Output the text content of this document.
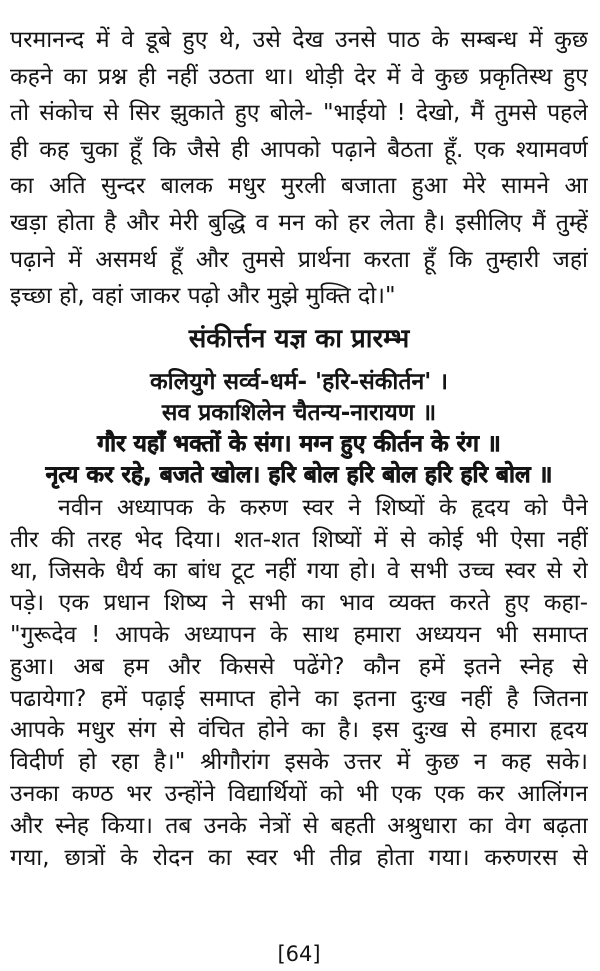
परमानन्द में वे डूबे हुए थे, उसे देख उनसे पाठ के सम्बन्ध में कुछ
कहने का प्रश्न ही नहीं उठता था। थोड़ी देर में वे कुछ प्रकृतिस्थ हुए
तो संकोच से सिर झुकाते हुए बोले- "भाईयो ! देखो, मैं तुमसे पहले
ही कह चुका हूँ कि जैसे ही आपको पढ़ाने बैठता हूँ. एक श्यामवर्ण
का अति सुन्दर बालक मधुर मुरली बजाता हुआ मेरे सामने आ
खड़ा होता है और मेरी बुद्धि व मन को हर लेता है। इसीलिए मैं तुम्हें
पढ़ाने में असमर्थ हूँ और तुमसे प्रार्थना करता हूँ कि तुम्हारी जहां
इच्छा हो, वहां जाकर पढ़ो और मुझे मुक्ति दो।"
संकीर्त्तन यज्ञ का प्रारम्भ
कलियुगे सर्व्व-धर्म- 'हरि-संकीर्तन' ।
सव प्रकाशिलेन चैतन्य-नारायण ॥
गौर यहाँ भक्तों के संग। मग्न हुए कीर्तन के रंग ॥
नृत्य कर रहे, बजते खोल। हरि बोल हरि बोल हरि हरि बोल ॥
नवीन अध्यापक के करुण स्वर ने शिष्यों के हृदय को पैने
तीर की तरह भेद दिया। शत-शत शिष्यों में से कोई भी ऐसा नहीं
था, जिसके धैर्य का बांध टूट नहीं गया हो। वे सभी उच्च स्वर से रो
पड़े। एक प्रधान शिष्य ने सभी का भाव व्यक्त करते हुए कहा-
"गुरूदेव ! आपके अध्यापन के साथ हमारा अध्ययन भी समाप्त
हुआ। अब हम और किससे पढेंगे? कौन हमें इतने स्नेह से
पढायेगा? हमें पढ़ाई समाप्त होने का इतना दुःख नहीं है जितना
आपके मधुर संग से वंचित होने का है। इस दुःख से हमारा हृदय
विदीर्ण हो रहा है।" श्रीगौरांग इसके उत्तर में कुछ न कह सके।
उनका कण्ठ भर उन्होंने विद्यार्थियों को भी एक एक कर आलिंगन
और स्नेह किया। तब उनके नेत्रों से बहती अश्रुधारा का वेग बढ़ता
गया, छात्रों के रोदन का स्वर भी तीव्र होता गया। करुणरस से
[64]
